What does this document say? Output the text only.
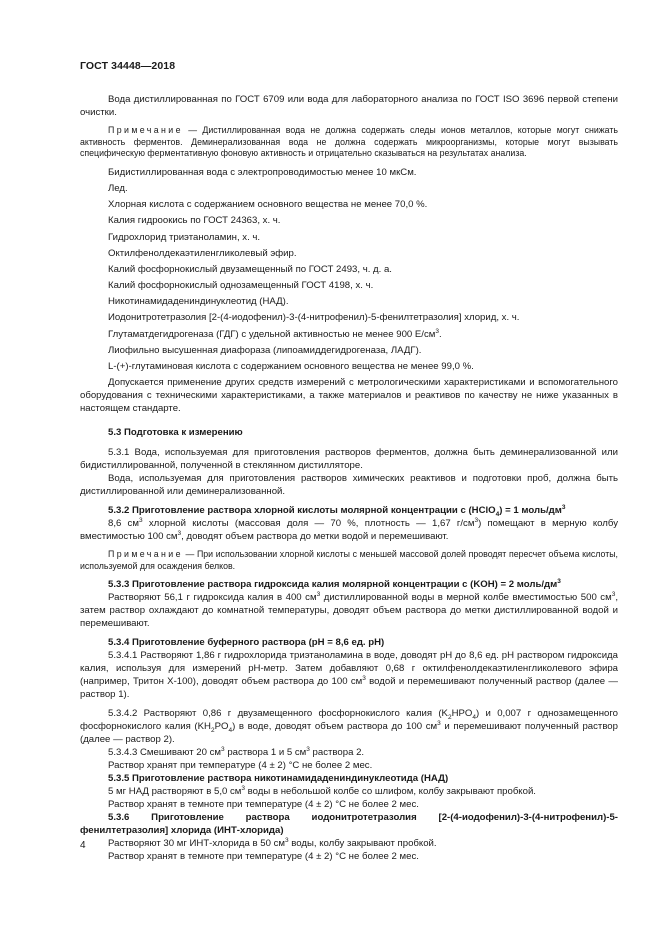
ГОСТ 34448—2018

Вода дистиллированная по ГОСТ 6709 или вода для лабораторного анализа по ГОСТ ISO 3696 первой степени очистки.

Примечание — Дистиллированная вода не должна содержать следы ионов металлов, которые могут снижать активность ферментов. Деминерализованная вода не должна содержать микроорганизмы, которые могут вызывать специфическую ферментативную фоновую активность и отрицательно сказываться на результатах анализа.

Бидистиллированная вода с электропроводимостью менее 10 мкСм.

Лед.

Хлорная кислота с содержанием основного вещества не менее 70,0 %.

Калия гидроокись по ГОСТ 24363, х. ч.

Гидрохлорид триэтаноламин, х. ч.

Октилфенолдекаэтиленгликолевый эфир.

Калий фосфорнокислый двузамещенный по ГОСТ 2493, ч. д. а.

Калий фосфорнокислый однозамещенный ГОСТ 4198, х. ч.

Никотинамидадениндинуклеотид (НАД).

Иодонитротетразолия [2-(4-иодофенил)-3-(4-нитрофенил)-5-фенилтетразолия] хлорид, х. ч.

Глутаматдегидрогеназа (ГДГ) с удельной активностью не менее 900 $Е/см^3$.

Лиофильно высушенная диафораза (липоамиддегидрогеназа, ЛАДГ).

L-(+)-глутаминовая кислота с содержанием основного вещества не менее 99,0 %.

Допускается применение других средств измерений с метрологическими характеристиками и вспомогательного оборудования с техническими характеристиками, а также материалов и реактивов по качеству не ниже указанных в настоящем стандарте.

5.3 Подготовка к измерению

5.3.1 Вода, используемая для приготовления растворов ферментов, должна быть деминерализованной или бидистиллированной, полученной в стеклянном дистилляторе.

Вода, используемая для приготовления растворов химических реактивов и подготовки проб, должна быть дистиллированной или деминерализованной.

5.3.2 Приготовление раствора хлорной кислоты молярной концентрации c (HClO$_4$) = 1 моль/$дм^3$

8,6 $см^3$ хлорной кислоты (массовая доля — 70 %, плотность — 1,67 $г/см^3$) помещают в мерную колбу вместимостью 100 $см^3$, доводят объем раствора до метки водой и перемешивают.

Примечание — При использовании хлорной кислоты с меньшей массовой долей проводят пересчет объема кислоты, используемой для осаждения белков.

5.3.3 Приготовление раствора гидроксида калия молярной концентрации c (KOH) = 2 моль/$дм^3$

Растворяют 56,1 г гидроксида калия в 400 $см^3$ дистиллированной воды в мерной колбе вместимостью 500 $см^3$, затем раствор охлаждают до комнатной температуры, доводят объем раствора до метки дистиллированной водой и перемешивают.

5.3.4 Приготовление буферного раствора (pH = 8,6 ед. pH)

5.3.4.1 Растворяют 1,86 г гидрохлорида триэтаноламина в воде, доводят pH до 8,6 ед. pH раствором гидроксида калия, используя для измерений pH-метр. Затем добавляют 0,68 г октилфенолдекаэтиленгликолевого эфира (например, Тритон Х-100), доводят объем раствора до 100 $см^3$ водой и перемешивают полученный раствор (далее — раствор 1).

5.3.4.2 Растворяют 0,86 г двузамещенного фосфорнокислого калия $(K_2HPO_4)$ и 0,007 г однозамещенного фосфорнокислого калия $(KH_2PO_4)$ в воде, доводят объем раствора до 100 $см^3$ и перемешивают полученный раствор (далее — раствор 2).

5.3.4.3 Смешивают 20 $см^3$ раствора 1 и 5 $см^3$ раствора 2.

Раствор хранят при температуре (4 ± 2) °С не более 2 мес.

5.3.5 Приготовление раствора никотинамидадениндинуклеотида (НАД)

5 мг НАД растворяют в 5,0 $см^3$ воды в небольшой колбе со шлифом, колбу закрывают пробкой.

Раствор хранят в темноте при температуре (4 ± 2) °С не более 2 мес.

5.3.6 Приготовление раствора иодонитротетразолия [2-(4-иодофенил)-3-(4-нитрофенил)-5-фенилтетразолия] хлорида (ИНТ-хлорида)

Растворяют 30 мг ИНТ-хлорида в 50 $см^3$ воды, колбу закрывают пробкой.

Раствор хранят в темноте при температуре (4 ± 2) °С не более 2 мес.

4
